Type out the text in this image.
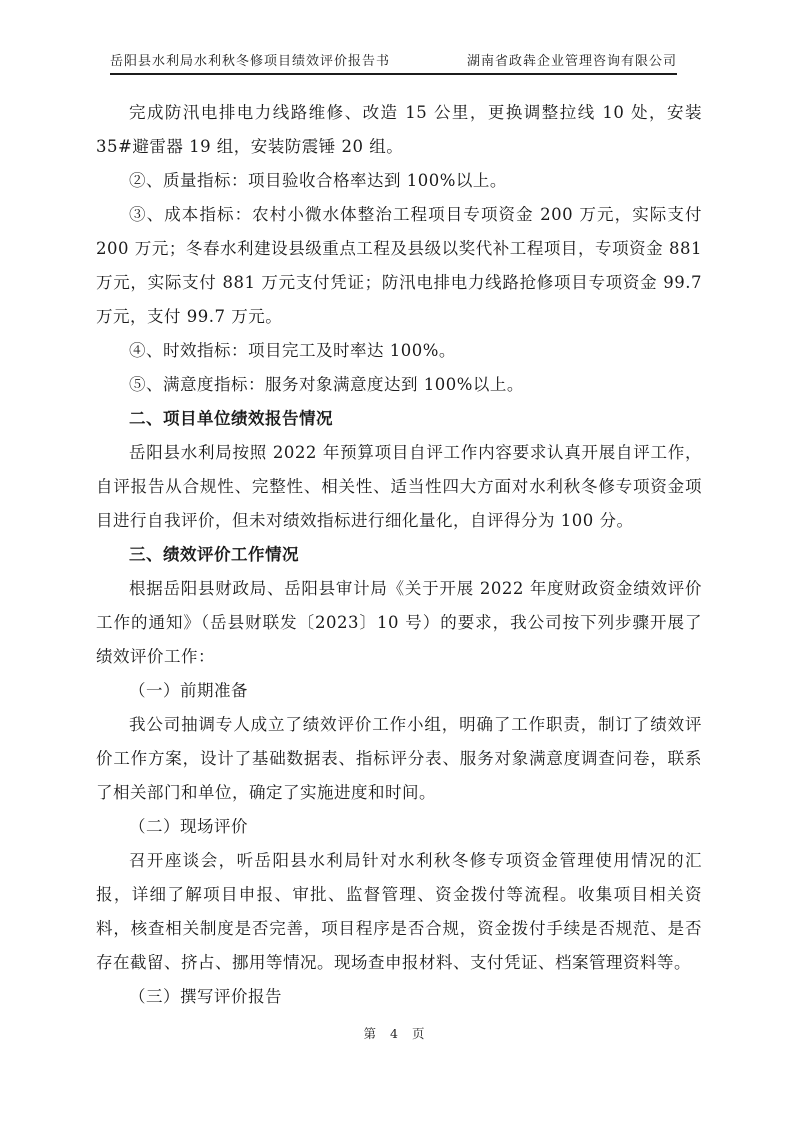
岳阳县水利局水利秋冬修项目绩效评价报告书	湖南省政犇企业管理咨询有限公司

完成防汛电排电力线路维修、改造 15 公里，更换调整拉线 10 处，安装 35#避雷器 19 组，安装防震锤 20 组。

②、质量指标：项目验收合格率达到 100%以上。

③、成本指标：农村小微水体整治工程项目专项资金 200 万元，实际支付 200 万元；冬春水利建设县级重点工程及县级以奖代补工程项目，专项资金 881 万元，实际支付 881 万元支付凭证；防汛电排电力线路抢修项目专项资金 99.7 万元，支付 99.7 万元。

④、时效指标：项目完工及时率达 100%。

⑤、满意度指标：服务对象满意度达到 100%以上。

二、项目单位绩效报告情况

岳阳县水利局按照 2022 年预算项目自评工作内容要求认真开展自评工作，自评报告从合规性、完整性、相关性、适当性四大方面对水利秋冬修专项资金项目进行自我评价，但未对绩效指标进行细化量化，自评得分为 100 分。

三、绩效评价工作情况

根据岳阳县财政局、岳阳县审计局《关于开展 2022 年度财政资金绩效评价工作的通知》（岳县财联发〔2023〕10 号）的要求，我公司按下列步骤开展了绩效评价工作：

（一）前期准备

我公司抽调专人成立了绩效评价工作小组，明确了工作职责，制订了绩效评价工作方案，设计了基础数据表、指标评分表、服务对象满意度调查问卷，联系了相关部门和单位，确定了实施进度和时间。

（二）现场评价

召开座谈会，听岳阳县水利局针对水利秋冬修专项资金管理使用情况的汇报，详细了解项目申报、审批、监督管理、资金拨付等流程。收集项目相关资料，核查相关制度是否完善，项目程序是否合规，资金拨付手续是否规范、是否存在截留、挤占、挪用等情况。现场查申报材料、支付凭证、档案管理资料等。

（三）撰写评价报告

第 4 页
